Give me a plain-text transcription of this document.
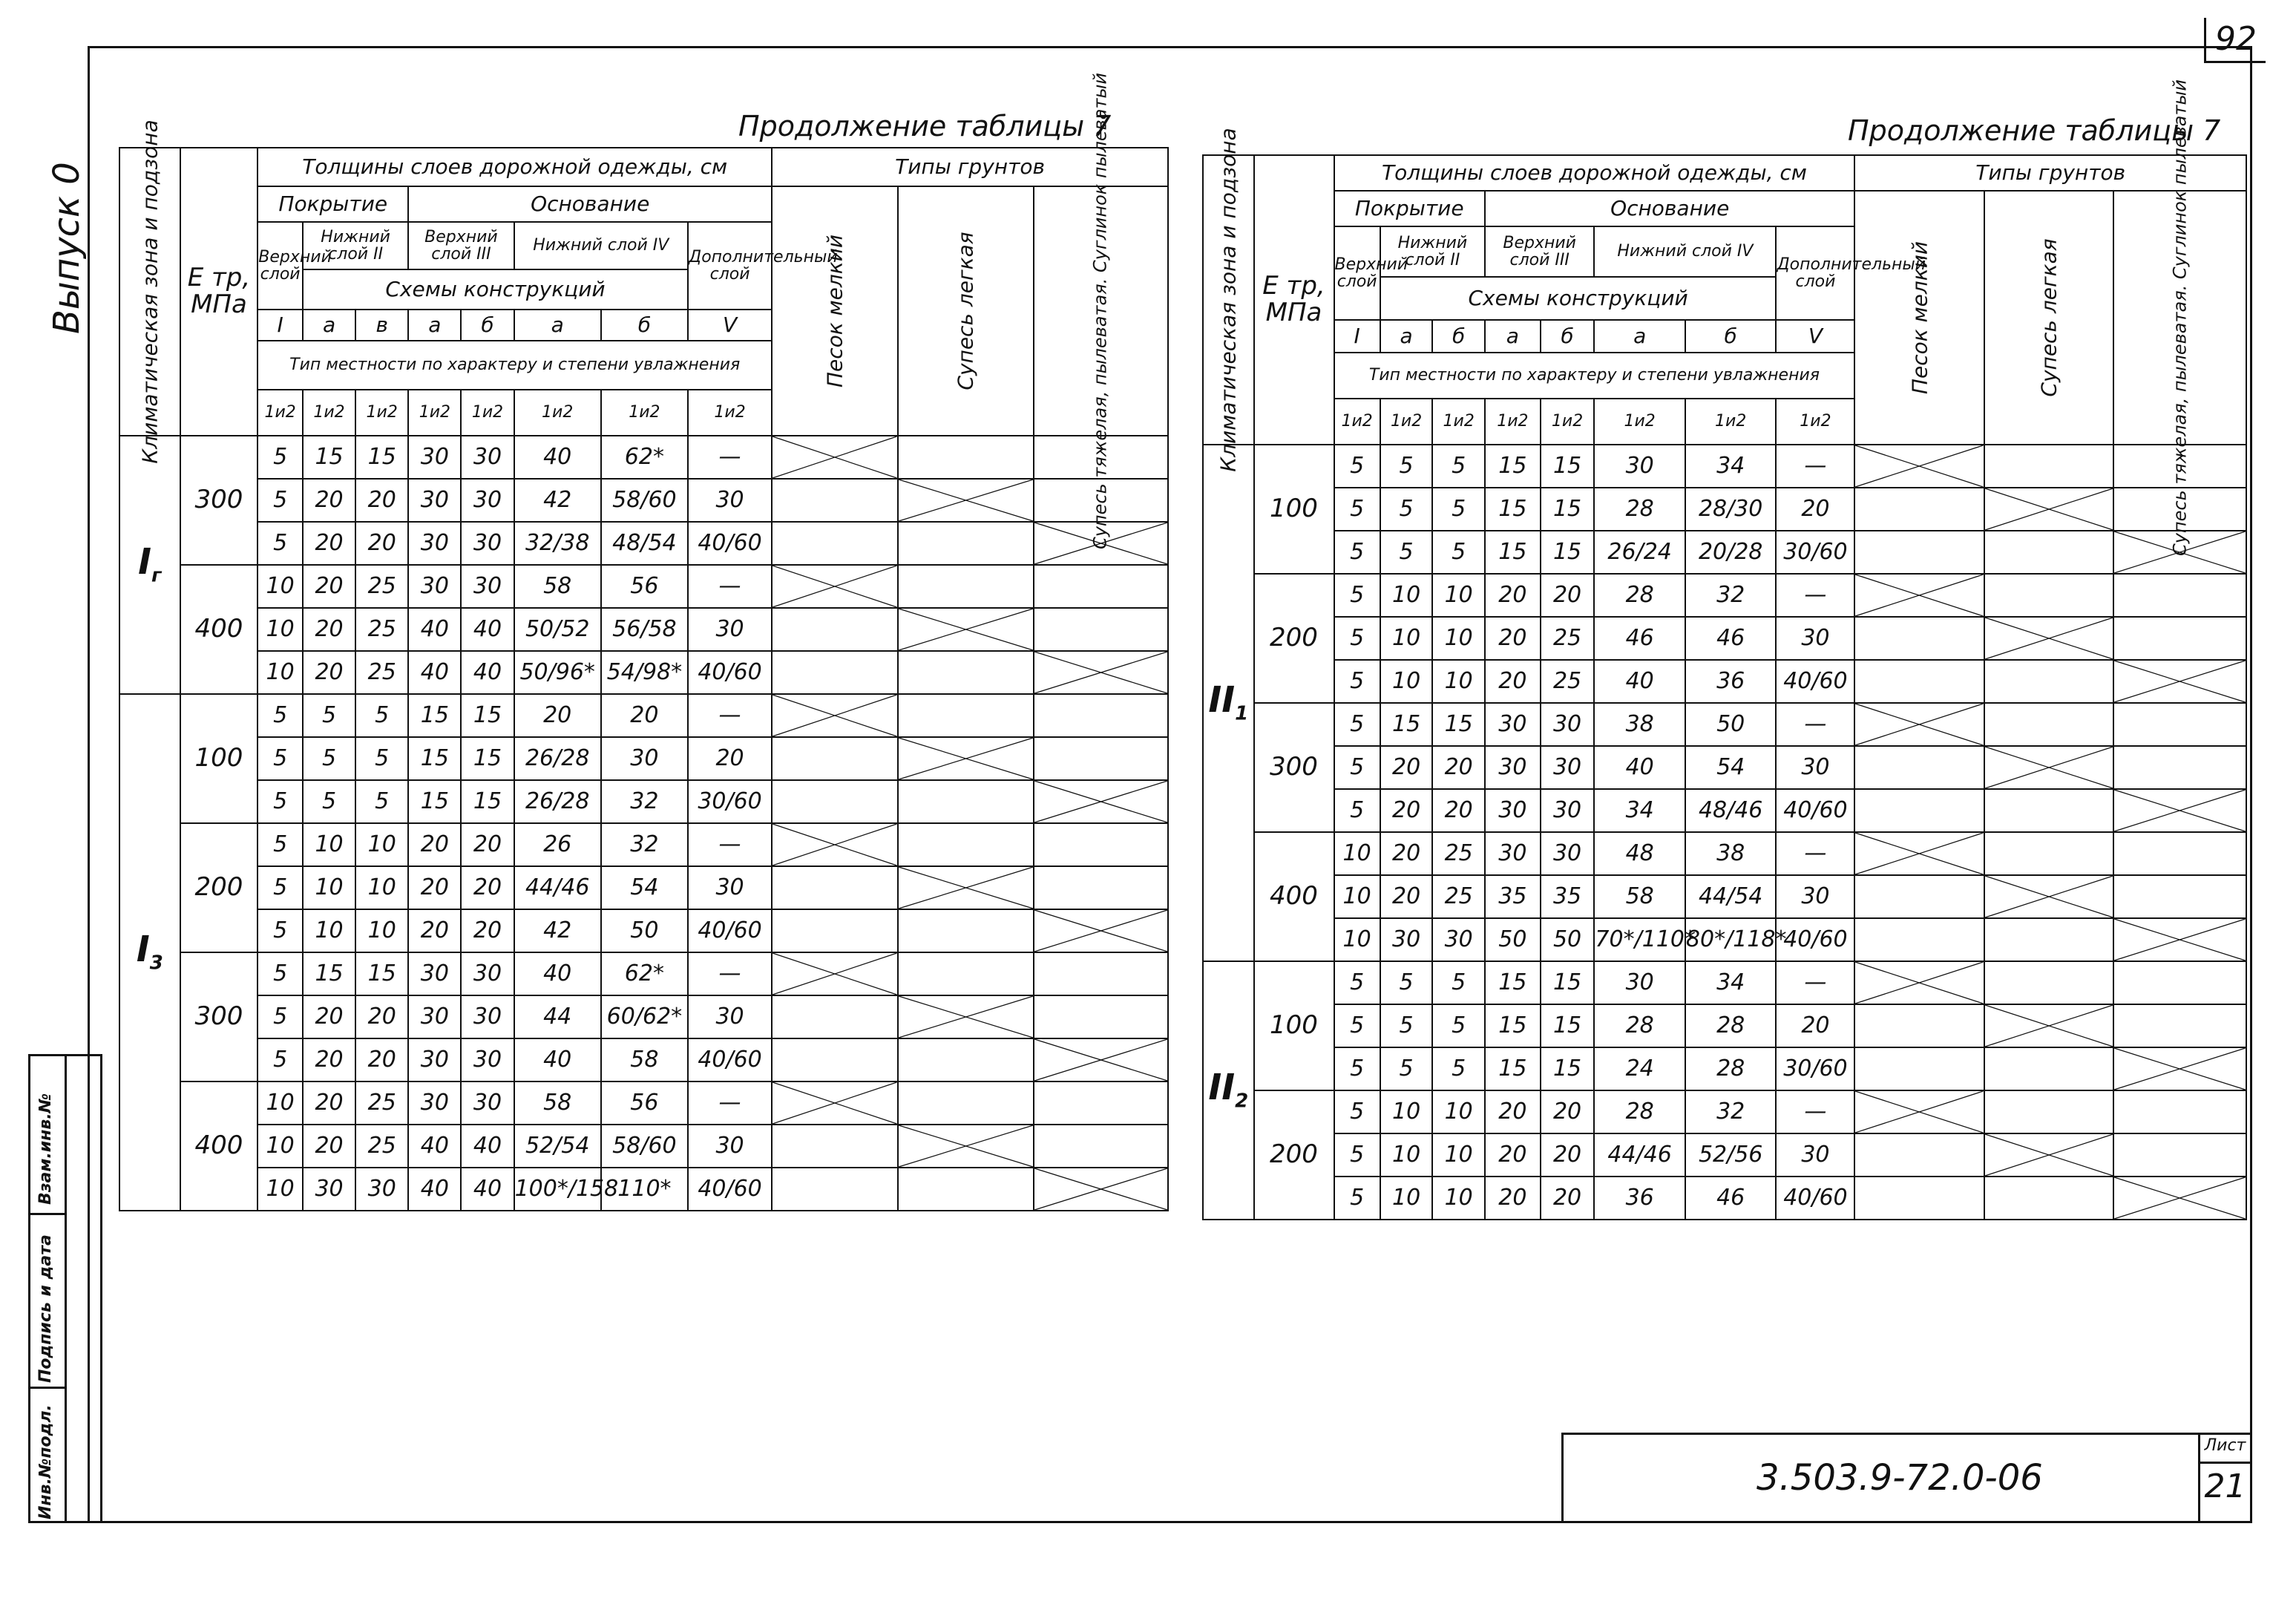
92
Выпуск 0
Взам.инв.№
Подпись и дата
Инв.№подл.
Продолжение таблицы 7	Продолжение таблицы 7
Климатическая зона и подзона	Е тр, МПа	Толщины слоев дорожной одежды, см								Типы грунтов		
		Покрытие			Основание					Песок мелкий	Супесь легкая	Супесь тяжелая, пылеватая. Суглинок пылеватый

		Верхний слой	Нижний слой II		Верхний слой III		Нижний слой IV		Дополнительный слой			
			Схемы конструкций									
		I	а	в	а	б	а	б	V			
		Тип местности по характеру и степени увлажнения										
		1и2	1и2	1и2	1и2	1и2	1и2	1и2	1и2			
$I_г$	300	5	15	15	30	30	40	62*	—	

		5	20	20	30	30	42	58/60	30		

		5	20	20	30	30	32/38	48/54	40/60			

	400	10	20	25	30	30	58	56	—	

		10	20	25	40	40	50/52	56/58	30		

		10	20	25	40	40	50/96*	54/98*	40/60			

$I_3$	100	5	5	5	15	15	20	20	—	

		5	5	5	15	15	26/28	30	20		

		5	5	5	15	15	26/28	32	30/60			

	200	5	10	10	20	20	26	32	—	

		5	10	10	20	20	44/46	54	30		

		5	10	10	20	20	42	50	40/60			

	300	5	15	15	30	30	40	62*	—	

		5	20	20	30	30	44	60/62*	30		

		5	20	20	30	30	40	58	40/60			

	400	10	20	25	30	30	58	56	—	

		10	20	25	40	40	52/54	58/60	30		

		10	30	30	40	40	100*/158	110*	40/60			
Климатическая зона и подзона	Е тр, МПа	Толщины слоев дорожной одежды, см								Типы грунтов		
		Покрытие			Основание					Песок мелкий	Супесь легкая	Супесь тяжелая, пылеватая. Суглинок пылеватый

		Верхний слой	Нижний слой II		Верхний слой III		Нижний слой IV		Дополнительный слой			
			Схемы конструкций									
		I	а	б	а	б	а	б	V			
		Тип местности по характеру и степени увлажнения										
		1и2	1и2	1и2	1и2	1и2	1и2	1и2	1и2			
$II_1$	100	5	5	5	15	15	30	34	—	

		5	5	5	15	15	28	28/30	20		

		5	5	5	15	15	26/24	20/28	30/60			

	200	5	10	10	20	20	28	32	—	

		5	10	10	20	25	46	46	30		

		5	10	10	20	25	40	36	40/60			

	300	5	15	15	30	30	38	50	—	

		5	20	20	30	30	40	54	30		

		5	20	20	30	30	34	48/46	40/60			

	400	10	20	25	30	30	48	38	—	

		10	20	25	35	35	58	44/54	30		

		10	30	30	50	50	70*/110*	80*/118*	40/60			

$II_2$	100	5	5	5	15	15	30	34	—	

		5	5	5	15	15	28	28	20		

		5	5	5	15	15	24	28	30/60			

	200	5	10	10	20	20	28	32	—	

		5	10	10	20	20	44/46	52/56	30		

		5	10	10	20	20	36	46	40/60			
3.503.9-72.0-06
Лист
21
